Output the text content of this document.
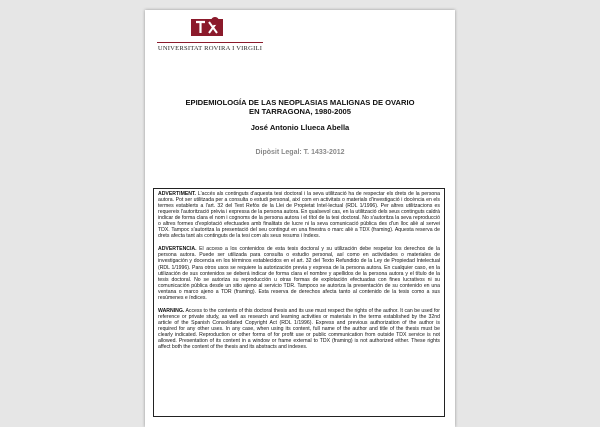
UNIVERSITAT ROVIRA I VIRGILI
EPIDEMIOLOGÍA DE LAS NEOPLASIAS MALIGNAS DE OVARIO EN TARRAGONA, 1980-2005
José Antonio Llueca Abella
Dipòsit Legal: T. 1433-2012

ADVERTIMENT. L'accés als continguts d'aquesta tesi doctoral i la seva utilització ha de respectar els drets de la persona autora. Pot ser utilitzada per a consulta o estudi personal, així com en activitats o materials d'investigació i docència en els termes establerts a l'art. 32 del Text Refós de la Llei de Propietat Intel·lectual (RDL 1/1996). Per altres utilitzacions es requereix l'autorització prèvia i expressa de la persona autora. En qualsevol cas, en la utilització dels seus continguts caldrà indicar de forma clara el nom i cognoms de la persona autora i el títol de la tesi doctoral. No s'autoritza la seva reproducció o altres formes d'explotació efectuades amb finalitats de lucre ni la seva comunicació pública des d'un lloc aliè al servei TDX. Tampoc s'autoritza la presentació del seu contingut en una finestra o marc aliè a TDX (framing). Aquesta reserva de drets afecta tant als continguts de la tesi com als seus resums i índexs.

ADVERTENCIA. El acceso a los contenidos de esta tesis doctoral y su utilización debe respetar los derechos de la persona autora. Puede ser utilizada para consulta o estudio personal, así como en actividades o materiales de investigación y docencia en los términos establecidos en el art. 32 del Texto Refundido de la Ley de Propiedad Intelectual (RDL 1/1996). Para otros usos se requiere la autorización previa y expresa de la persona autora. En cualquier caso, en la utilización de sus contenidos se deberá indicar de forma clara el nombre y apellidos de la persona autora y el título de la tesis doctoral. No se autoriza su reproducción u otras formas de explotación efectuadas con fines lucrativos ni su comunicación pública desde un sitio ajeno al servicio TDR. Tampoco se autoriza la presentación de su contenido en una ventana o marco ajeno a TDR (framing). Esta reserva de derechos afecta tanto al contenido de la tesis como a sus resúmenes e índices.

WARNING. Access to the contents of this doctoral thesis and its use must respect the rights of the author. It can be used for reference or private study, as well as research and learning activities or materials in the terms established by the 32nd article of the Spanish Consolidated Copyright Act (RDL 1/1996). Express and previous authorization of the author is required for any other uses. In any case, when using its content, full name of the author and title of the thesis must be clearly indicated. Reproduction or other forms of for profit use or public communication from outside TDX service is not allowed. Presentation of its content in a window or frame external to TDX (framing) is not authorized either. These rights affect both the content of the thesis and its abstracts and indexes.
